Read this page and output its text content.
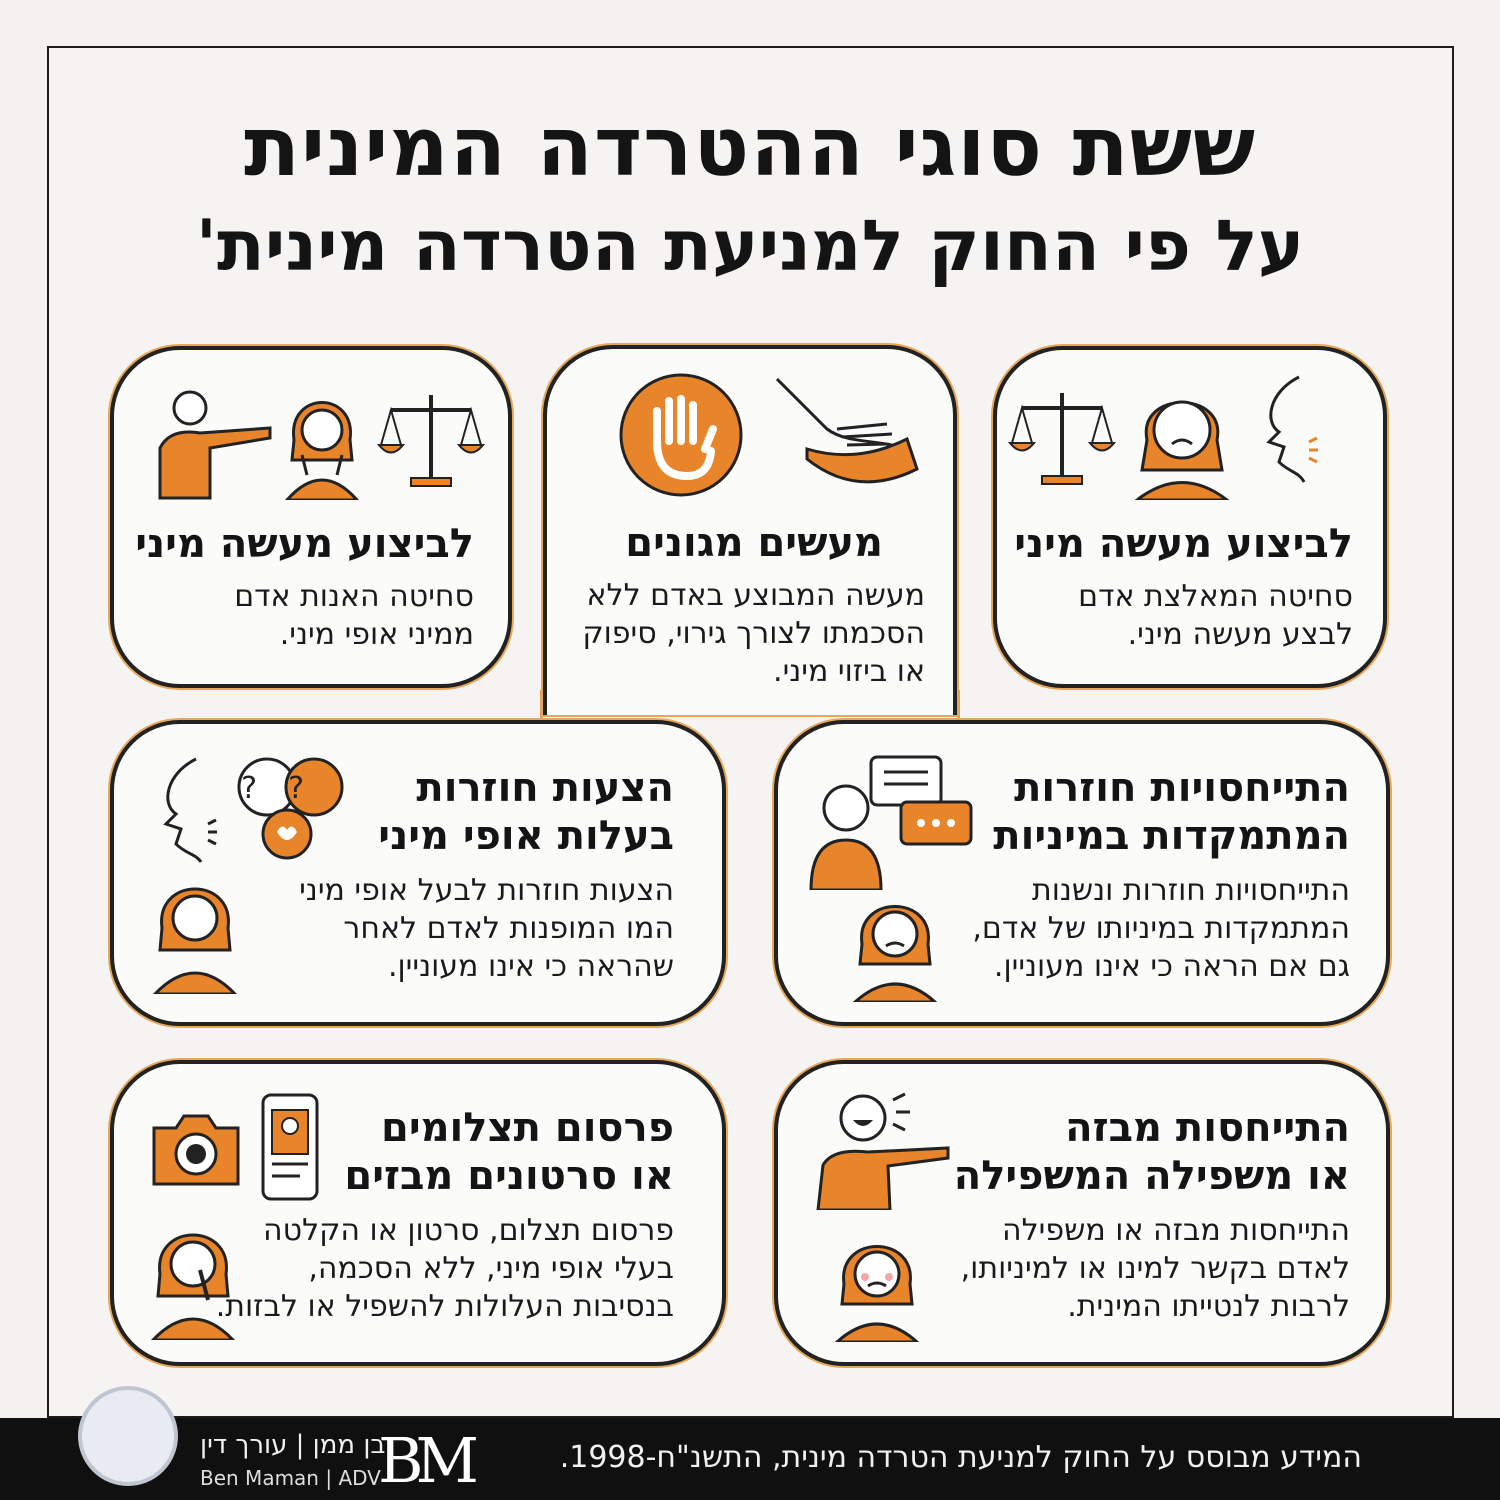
ששת סוגי ההטרדה המינית
על פי החוק למניעת הטרדה מינית'
לביצוע מעשה מיני
סחיטה המאלצת אדם
לבצע מעשה מיני.
מעשים מגונים
מעשה המבוצע באדם ללא
הסכמתו לצורך גירוי, סיפוק
או ביזוי מיני.
לביצוע מעשה מיני
סחיטה האנות אדם
ממיני אופי מיני.
התייחסויות חוזרות
המתמקדות במיניות
התייחסויות חוזרות ונשנות
המתמקדות במיניותו של אדם,
גם אם הראה כי אינו מעוניין.
? ?	הצעות חוזרות
בעלות אופי מיני
הצעות חוזרות לבעל אופי מיני
המו המופנות לאדם לאחר
שהראה כי אינו מעוניין.
התייחסות מבזה
או משפילה המשפילה
התייחסות מבזה או משפילה
לאדם בקשר למינו או למיניותו,
לרבות לנטייתו המינית.
פרסום תצלומים
או סרטונים מבזים
פרסום תצלום, סרטון או הקלטה
בעלי אופי מיני, ללא הסכמה,
בנסיבות העלולות להשפיל או לבזות.
בן ממן | עורך דין
Ben Maman | ADV
BM	המידע מבוסס על החוק למניעת הטרדה מינית, התשנ"ח-1998.
